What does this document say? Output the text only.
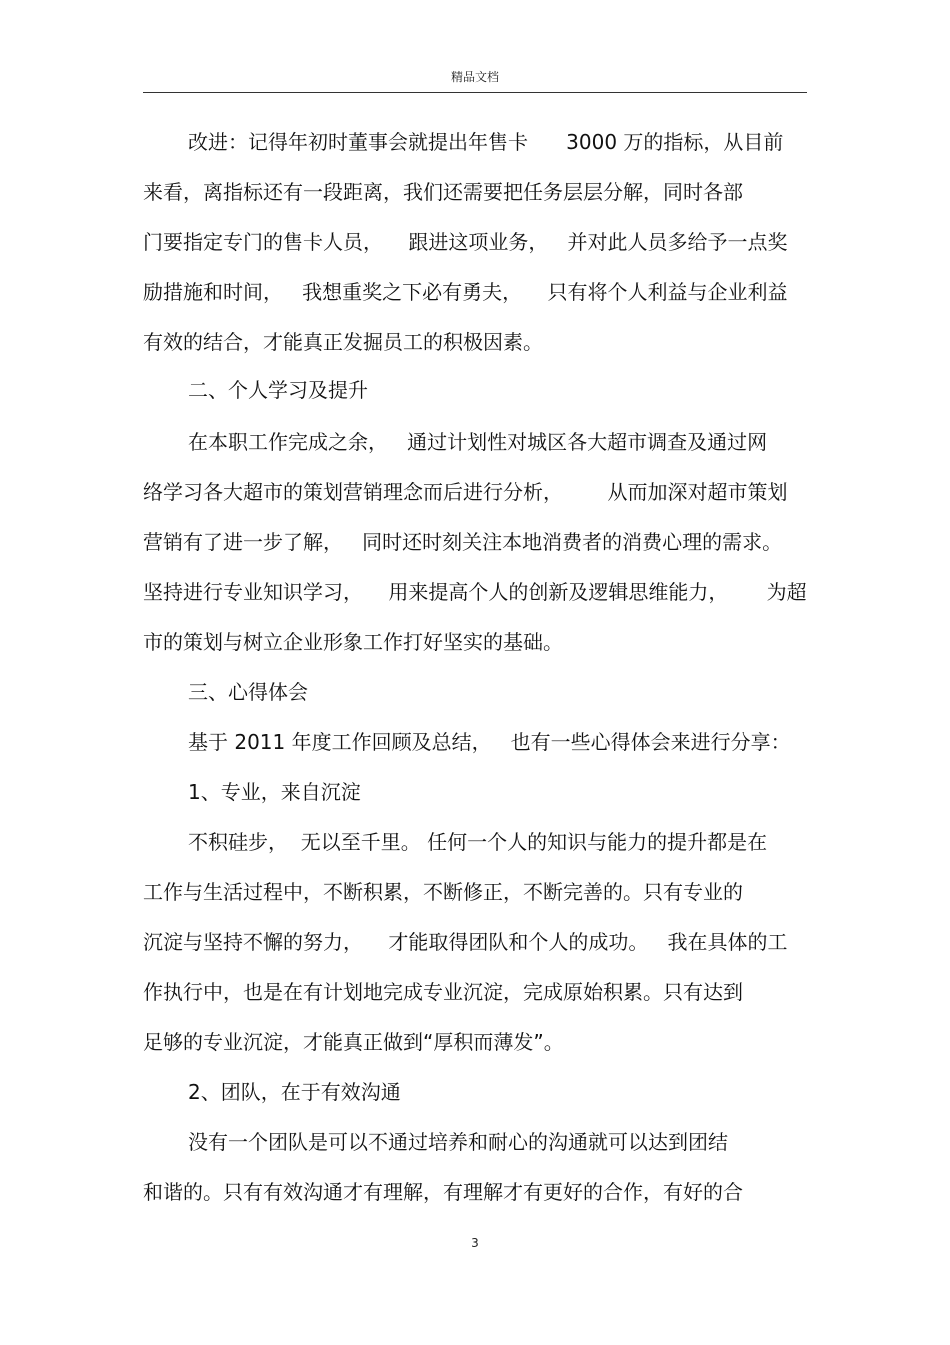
精品文档
改进：记得年初时董事会就提出年售卡      3000 万的指标，从目前
来看，离指标还有一段距离，我们还需要把任务层层分解，同时各部
门要指定专门的售卡人员，    跟进这项业务，   并对此人员多给予一点奖
励措施和时间，   我想重奖之下必有勇夫，    只有将个人利益与企业利益
有效的结合，才能真正发掘员工的积极因素。
二、个人学习及提升
在本职工作完成之余，   通过计划性对城区各大超市调查及通过网
络学习各大超市的策划营销理念而后进行分析，       从而加深对超市策划
营销有了进一步了解，   同时还时刻关注本地消费者的消费心理的需求。
坚持进行专业知识学习，    用来提高个人的创新及逻辑思维能力，      为超
市的策划与树立企业形象工作打好坚实的基础。
三、心得体会
基于 2011 年度工作回顾及总结，   也有一些心得体会来进行分享：
1、专业，来自沉淀
不积硅步，  无以至千里。 任何一个人的知识与能力的提升都是在
工作与生活过程中，不断积累，不断修正，不断完善的。只有专业的
沉淀与坚持不懈的努力，    才能取得团队和个人的成功。   我在具体的工
作执行中，也是在有计划地完成专业沉淀，完成原始积累。只有达到
足够的专业沉淀，才能真正做到“厚积而薄发”。
2、团队，在于有效沟通
没有一个团队是可以不通过培养和耐心的沟通就可以达到团结
和谐的。只有有效沟通才有理解，有理解才有更好的合作，有好的合
3
